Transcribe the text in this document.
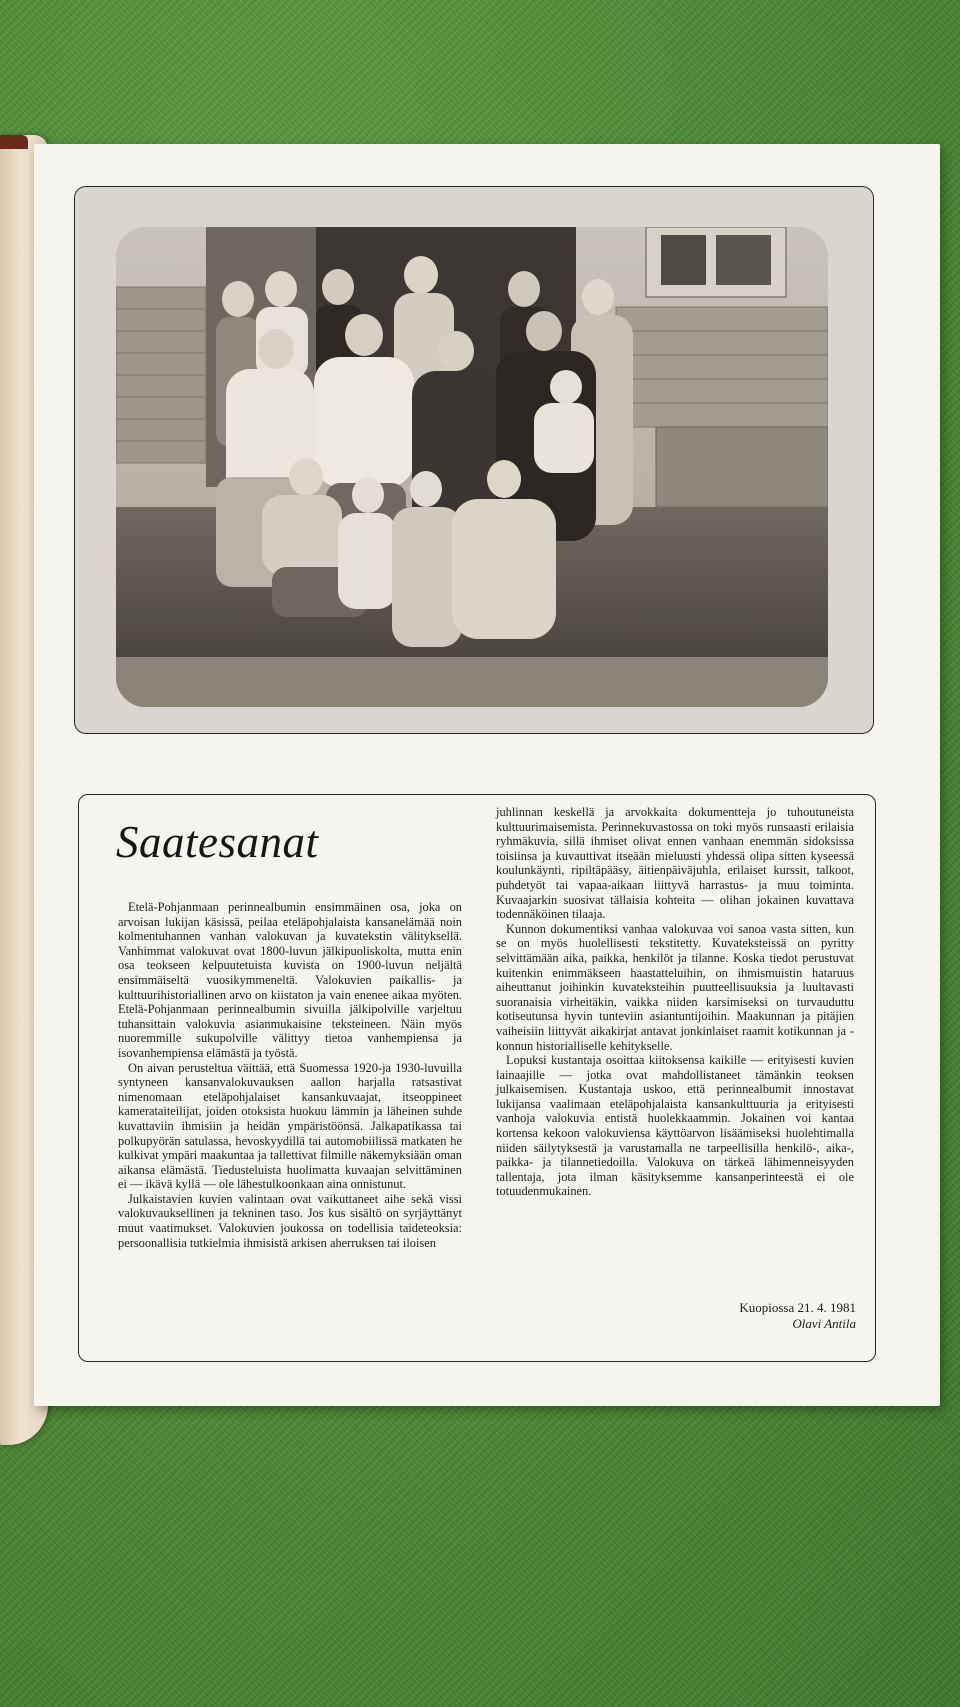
Saatesanat

Etelä-Pohjanmaan perinnealbumin ensimmäinen osa, joka on arvoisan lukijan käsissä, peilaa eteläpohjalaista kansanelämää noin kolmentuhannen vanhan valokuvan ja kuvatekstin välityksellä. Vanhimmat valokuvat ovat 1800-luvun jälkipuoliskolta, mutta enin osa teokseen kelpuutetuista kuvista on 1900-luvun neljältä ensimmäiseltä vuosikymmeneltä. Valokuvien paikallis- ja kulttuurihistoriallinen arvo on kiistaton ja vain enenee aikaa myöten. Etelä-Pohjanmaan perinnealbumin sivuilla jälkipolville varjeltuu tuhansittain valokuvia asianmukaisine teksteineen. Näin myös nuoremmille sukupolville välittyy tietoa vanhempiensa ja isovanhempiensa elämästä ja työstä.

On aivan perusteltua väittää, että Suomessa 1920-ja 1930-luvuilla syntyneen kansanvalokuvauksen aallon harjalla ratsastivat nimenomaan eteläpohjalaiset kansankuvaajat, itseoppineet kamerataiteilijat, joiden otoksista huokuu lämmin ja läheinen suhde kuvattaviin ihmisiin ja heidän ympäristöönsä. Jalkapatikassa tai polkupyörän satulassa, hevoskyydillä tai automobiilissä matkaten he kulkivat ympäri maakuntaa ja tallettivat filmille näkemyksiään oman aikansa elämästä. Tiedusteluista huolimatta kuvaajan selvittäminen ei — ikävä kyllä — ole lähestulkoonkaan aina onnistunut.

Julkaistavien kuvien valintaan ovat vaikuttaneet aihe sekä vissi valokuvauksellinen ja tekninen taso. Jos kus sisältö on syrjäyttänyt muut vaatimukset. Valokuvien joukossa on todellisia taideteoksia: persoonallisia tutkielmia ihmisistä arkisen aherruksen tai iloisen

juhlinnan keskellä ja arvokkaita dokumentteja jo tuhoutuneista kulttuurimaisemista. Perinnekuvastossa on toki myös runsaasti erilaisia ryhmäkuvia, sillä ihmiset olivat ennen vanhaan enemmän sidoksissa toisiinsa ja kuvauttivat itseään mieluusti yhdessä olipa sitten kyseessä koulunkäynti, ripiltäpääsy, äitienpäiväjuhla, erilaiset kurssit, talkoot, puhdetyöt tai vapaa-aikaan liittyvä harrastus- ja muu toiminta. Kuvaajarkin suosivat tällaisia kohteita — olihan jokainen kuvattava todennäköinen tilaaja.

Kunnon dokumentiksi vanhaa valokuvaa voi sanoa vasta sitten, kun se on myös huolellisesti tekstitetty. Kuvateksteissä on pyritty selvittämään aika, paikka, henkilöt ja tilanne. Koska tiedot perustuvat kuitenkin enimmäkseen haastatteluihin, on ihmismuistin hataruus aiheuttanut joihinkin kuvateksteihin puutteellisuuksia ja luultavasti suoranaisia virheitäkin, vaikka niiden karsimiseksi on turvauduttu kotiseutunsa hyvin tunteviin asiantuntijoihin. Maakunnan ja pitäjien vaiheisiin liittyvät aikakirjat antavat jonkinlaiset raamit kotikunnan ja -konnun historialliselle kehitykselle.

Lopuksi kustantaja osoittaa kiitoksensa kaikille — erityisesti kuvien lainaajille — jotka ovat mahdollistaneet tämänkin teoksen julkaisemisen. Kustantaja uskoo, että perinnealbumit innostavat lukijansa vaalimaan eteläpohjalaista kansankulttuuria ja erityisesti vanhoja valokuvia entistä huolekkaammin. Jokainen voi kantaa kortensa kekoon valokuviensa käyttöarvon lisäämiseksi huolehtimalla niiden säilytyksestä ja varustamalla ne tarpeellisilla henkilö-, aika-, paikka- ja tilannetiedoilla. Valokuva on tärkeä lähimenneisyyden tallentaja, jota ilman käsityksemme kansanperinteestä ei ole totuudenmukainen.

Kuopiossa 21. 4. 1981
Olavi Antila
